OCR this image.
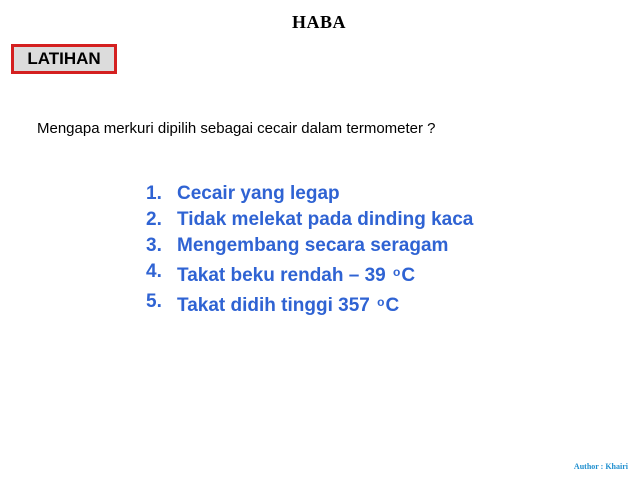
HABA
LATIHAN
Mengapa merkuri dipilih sebagai cecair dalam termometer ?
1. Cecair yang legap
2. Tidak melekat pada dinding kaca
3. Mengembang secara seragam
4. Takat beku rendah – 39 $^o$C
5. Takat didih tinggi 357 $^o$C
Author : Khairi
